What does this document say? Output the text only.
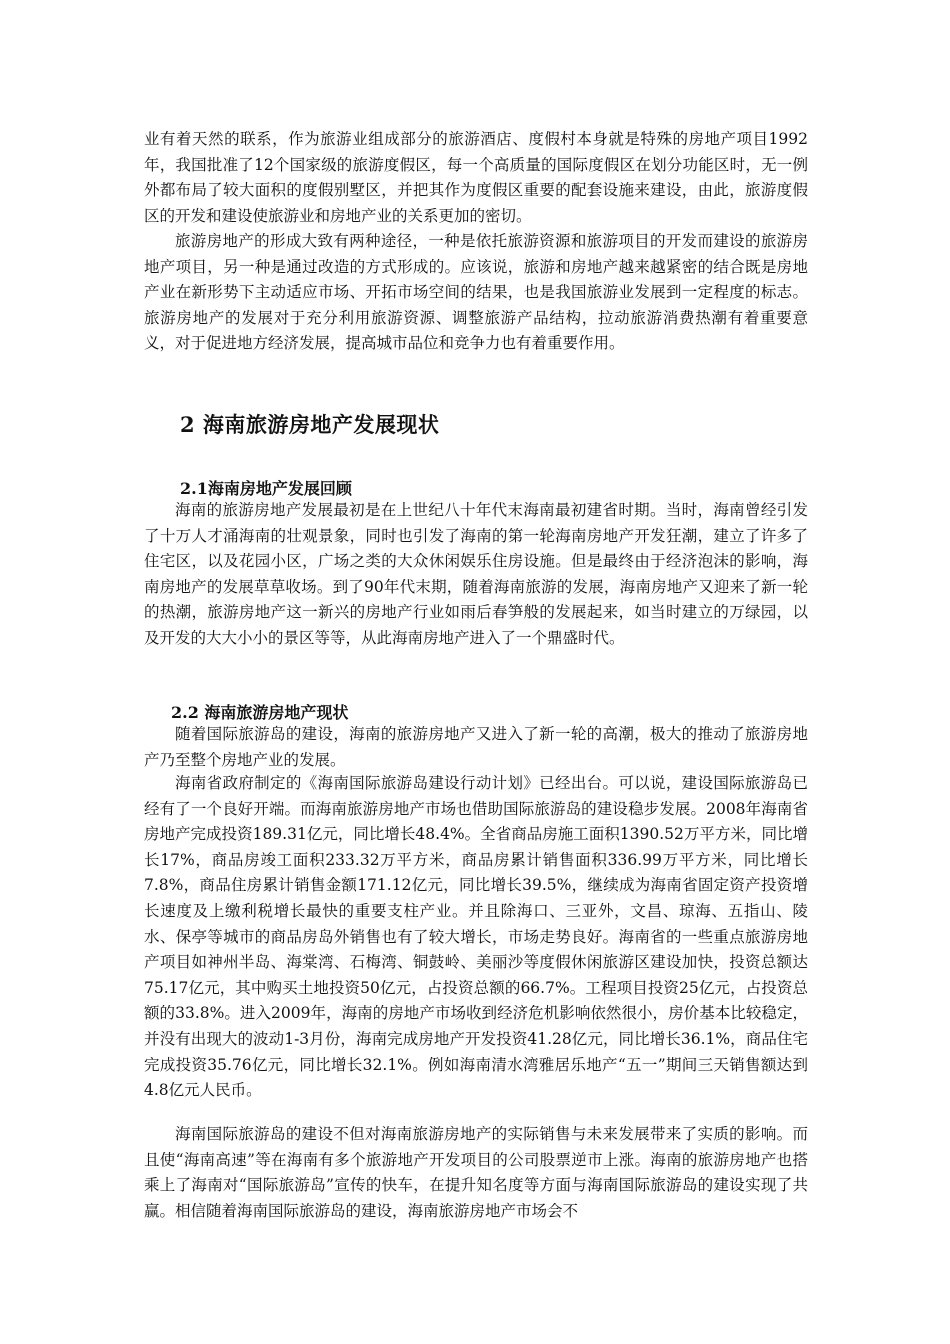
业有着天然的联系，作为旅游业组成部分的旅游酒店、度假村本身就是特殊的房地产项目1992年，我国批准了12个国家级的旅游度假区，每一个高质量的国际度假区在划分功能区时，无一例外都布局了较大面积的度假别墅区，并把其作为度假区重要的配套设施来建设，由此，旅游度假区的开发和建设使旅游业和房地产业的关系更加的密切。

旅游房地产的形成大致有两种途径，一种是依托旅游资源和旅游项目的开发而建设的旅游房地产项目，另一种是通过改造的方式形成的。应该说，旅游和房地产越来越紧密的结合既是房地产业在新形势下主动适应市场、开拓市场空间的结果，也是我国旅游业发展到一定程度的标志。旅游房地产的发展对于充分利用旅游资源、调整旅游产品结构，拉动旅游消费热潮有着重要意义，对于促进地方经济发展，提高城市品位和竞争力也有着重要作用。

2 海南旅游房地产发展现状
2.1海南房地产发展回顾

海南的旅游房地产发展最初是在上世纪八十年代末海南最初建省时期。当时，海南曾经引发了十万人才涌海南的壮观景象，同时也引发了海南的第一轮海南房地产开发狂潮，建立了许多了住宅区，以及花园小区，广场之类的大众休闲娱乐住房设施。但是最终由于经济泡沫的影响，海南房地产的发展草草收场。到了90年代末期，随着海南旅游的发展，海南房地产又迎来了新一轮的热潮，旅游房地产这一新兴的房地产行业如雨后春笋般的发展起来，如当时建立的万绿园，以及开发的大大小小的景区等等，从此海南房地产进入了一个鼎盛时代。

2.2 海南旅游房地产现状

随着国际旅游岛的建设，海南的旅游房地产又进入了新一轮的高潮，极大的推动了旅游房地产乃至整个房地产业的发展。

海南省政府制定的《海南国际旅游岛建设行动计划》已经出台。可以说，建设国际旅游岛已经有了一个良好开端。而海南旅游房地产市场也借助国际旅游岛的建设稳步发展。2008年海南省房地产完成投资189.31亿元，同比增长48.4%。全省商品房施工面积1390.52万平方米，同比增长17%，商品房竣工面积233.32万平方米，商品房累计销售面积336.99万平方米，同比增长7.8%，商品住房累计销售金额171.12亿元，同比增长39.5%，继续成为海南省固定资产投资增长速度及上缴利税增长最快的重要支柱产业。并且除海口、三亚外，文昌、琼海、五指山、陵水、保亭等城市的商品房岛外销售也有了较大增长，市场走势良好。海南省的一些重点旅游房地产项目如神州半岛、海棠湾、石梅湾、铜鼓岭、美丽沙等度假休闲旅游区建设加快，投资总额达75.17亿元，其中购买土地投资50亿元，占投资总额的66.7%。工程项目投资25亿元，占投资总额的33.8%。进入2009年，海南的房地产市场收到经济危机影响依然很小，房价基本比较稳定，并没有出现大的波动1-3月份，海南完成房地产开发投资41.28亿元，同比增长36.1%，商品住宅完成投资35.76亿元，同比增长32.1%。例如海南清水湾雅居乐地产“五一”期间三天销售额达到4.8亿元人民币。

海南国际旅游岛的建设不但对海南旅游房地产的实际销售与未来发展带来了实质的影响。而且使“海南高速”等在海南有多个旅游地产开发项目的公司股票逆市上涨。海南的旅游房地产也搭乘上了海南对“国际旅游岛”宣传的快车，在提升知名度等方面与海南国际旅游岛的建设实现了共赢。相信随着海南国际旅游岛的建设，海南旅游房地产市场会不
